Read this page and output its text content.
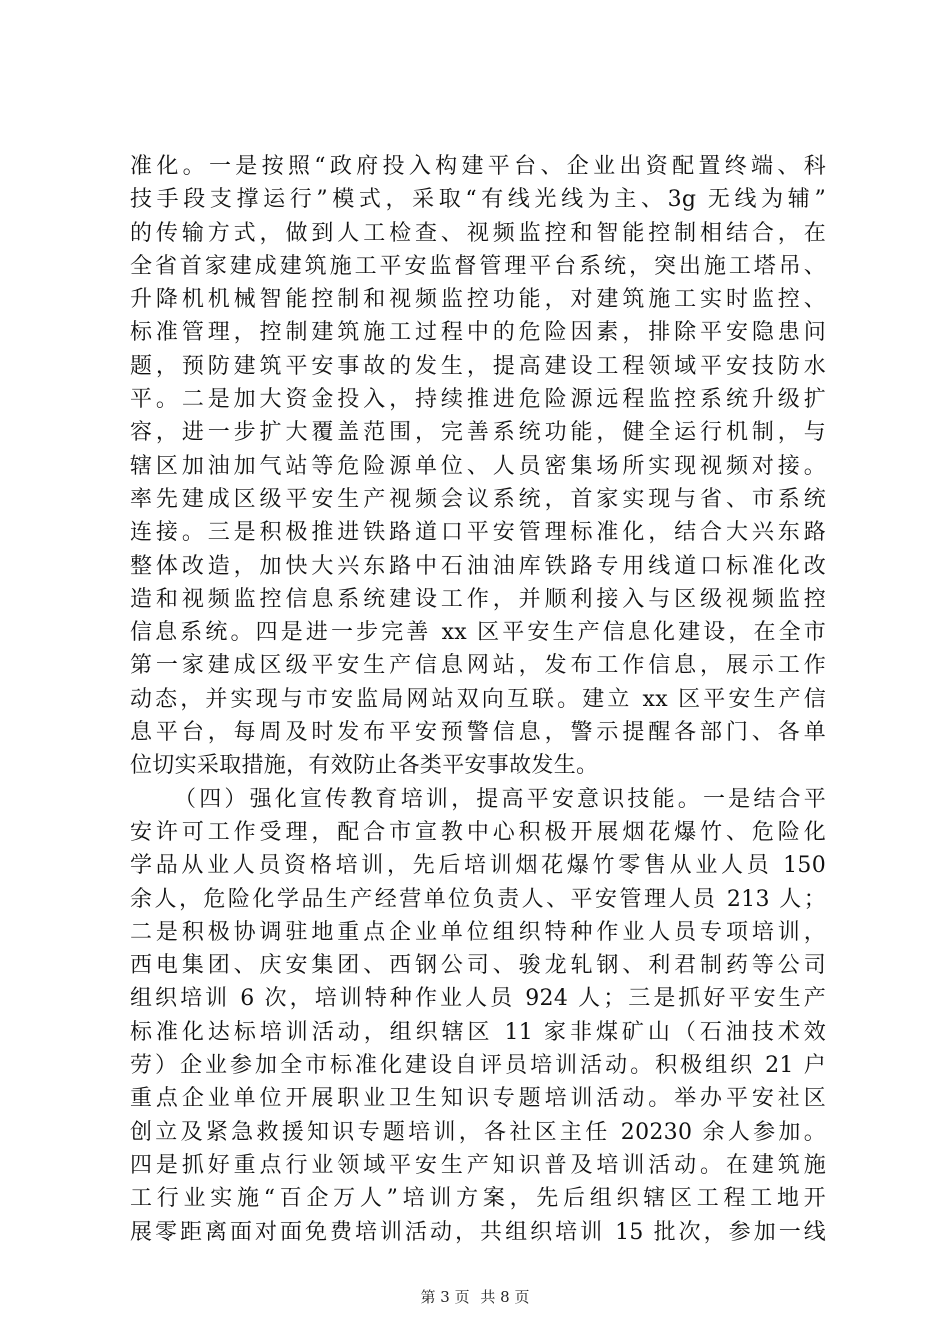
准化。一是按照“政府投入构建平台、企业出资配置终端、科
技手段支撑运行”模式，采取“有线光线为主、3g 无线为辅”
的传输方式，做到人工检查、视频监控和智能控制相结合，在
全省首家建成建筑施工平安监督管理平台系统，突出施工塔吊、
升降机机械智能控制和视频监控功能，对建筑施工实时监控、
标准管理，控制建筑施工过程中的危险因素，排除平安隐患问
题，预防建筑平安事故的发生，提高建设工程领域平安技防水
平。二是加大资金投入，持续推进危险源远程监控系统升级扩
容，进一步扩大覆盖范围，完善系统功能，健全运行机制，与
辖区加油加气站等危险源单位、人员密集场所实现视频对接。
率先建成区级平安生产视频会议系统，首家实现与省、市系统
连接。三是积极推进铁路道口平安管理标准化，结合大兴东路
整体改造，加快大兴东路中石油油库铁路专用线道口标准化改
造和视频监控信息系统建设工作，并顺利接入与区级视频监控
信息系统。四是进一步完善 xx 区平安生产信息化建设，在全市
第一家建成区级平安生产信息网站，发布工作信息，展示工作
动态，并实现与市安监局网站双向互联。建立 xx 区平安生产信
息平台，每周及时发布平安预警信息，警示提醒各部门、各单
位切实采取措施，有效防止各类平安事故发生。
（四）强化宣传教育培训，提高平安意识技能。一是结合平
安许可工作受理，配合市宣教中心积极开展烟花爆竹、危险化
学品从业人员资格培训，先后培训烟花爆竹零售从业人员 150
余人，危险化学品生产经营单位负责人、平安管理人员 213 人；
二是积极协调驻地重点企业单位组织特种作业人员专项培训，
西电集团、庆安集团、西钢公司、骏龙轧钢、利君制药等公司
组织培训 6 次，培训特种作业人员 924 人；三是抓好平安生产
标准化达标培训活动，组织辖区 11 家非煤矿山（石油技术效
劳）企业参加全市标准化建设自评员培训活动。积极组织 21 户
重点企业单位开展职业卫生知识专题培训活动。举办平安社区
创立及紧急救援知识专题培训，各社区主任 20230 余人参加。
四是抓好重点行业领域平安生产知识普及培训活动。在建筑施
工行业实施“百企万人”培训方案，先后组织辖区工程工地开
展零距离面对面免费培训活动，共组织培训 15 批次，参加一线
第 3 页 共 8 页
